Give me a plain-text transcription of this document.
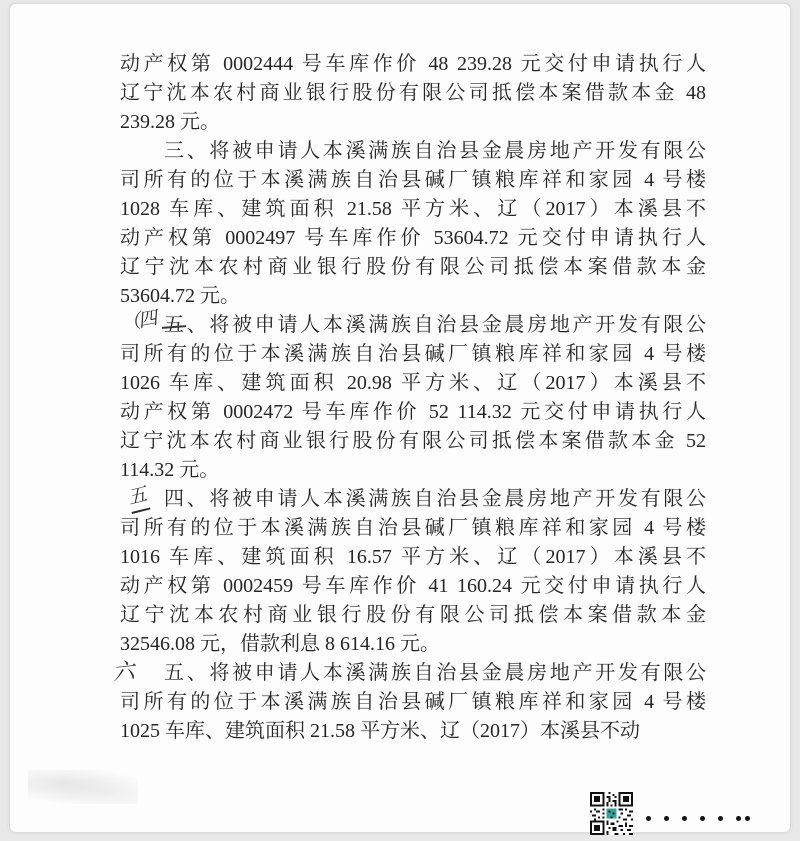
动产权第 0002444 号车库作价 48 239.28 元交付申请执行人
辽宁沈本农村商业银行股份有限公司抵偿本案借款本金 48
239.28 元。
三、将被申请人本溪满族自治县金晨房地产开发有限公
司所有的位于本溪满族自治县碱厂镇粮库祥和家园 4 号楼
1028 车库、建筑面积 21.58 平方米、辽（2017）本溪县不
动产权第 0002497 号车库作价 53604.72 元交付申请执行人
辽宁沈本农村商业银行股份有限公司抵偿本案借款本金
53604.72 元。
（四 五、将被申请人本溪满族自治县金晨房地产开发有限公
司所有的位于本溪满族自治县碱厂镇粮库祥和家园 4 号楼
1026 车库、建筑面积 20.98 平方米、辽（2017）本溪县不
动产权第 0002472 号车库作价 52 114.32 元交付申请执行人
辽宁沈本农村商业银行股份有限公司抵偿本案借款本金 52
114.32 元。
五 四、将被申请人本溪满族自治县金晨房地产开发有限公
司所有的位于本溪满族自治县碱厂镇粮库祥和家园 4 号楼
1016 车库、建筑面积 16.57 平方米、辽（2017）本溪县不
动产权第 0002459 号车库作价 41 160.24 元交付申请执行人
辽宁沈本农村商业银行股份有限公司抵偿本案借款本金
32546.08 元，借款利息 8 614.16 元。
六 五、将被申请人本溪满族自治县金晨房地产开发有限公
司所有的位于本溪满族自治县碱厂镇粮库祥和家园 4 号楼
1025 车库、建筑面积 21.58 平方米、辽（2017）本溪县不动
